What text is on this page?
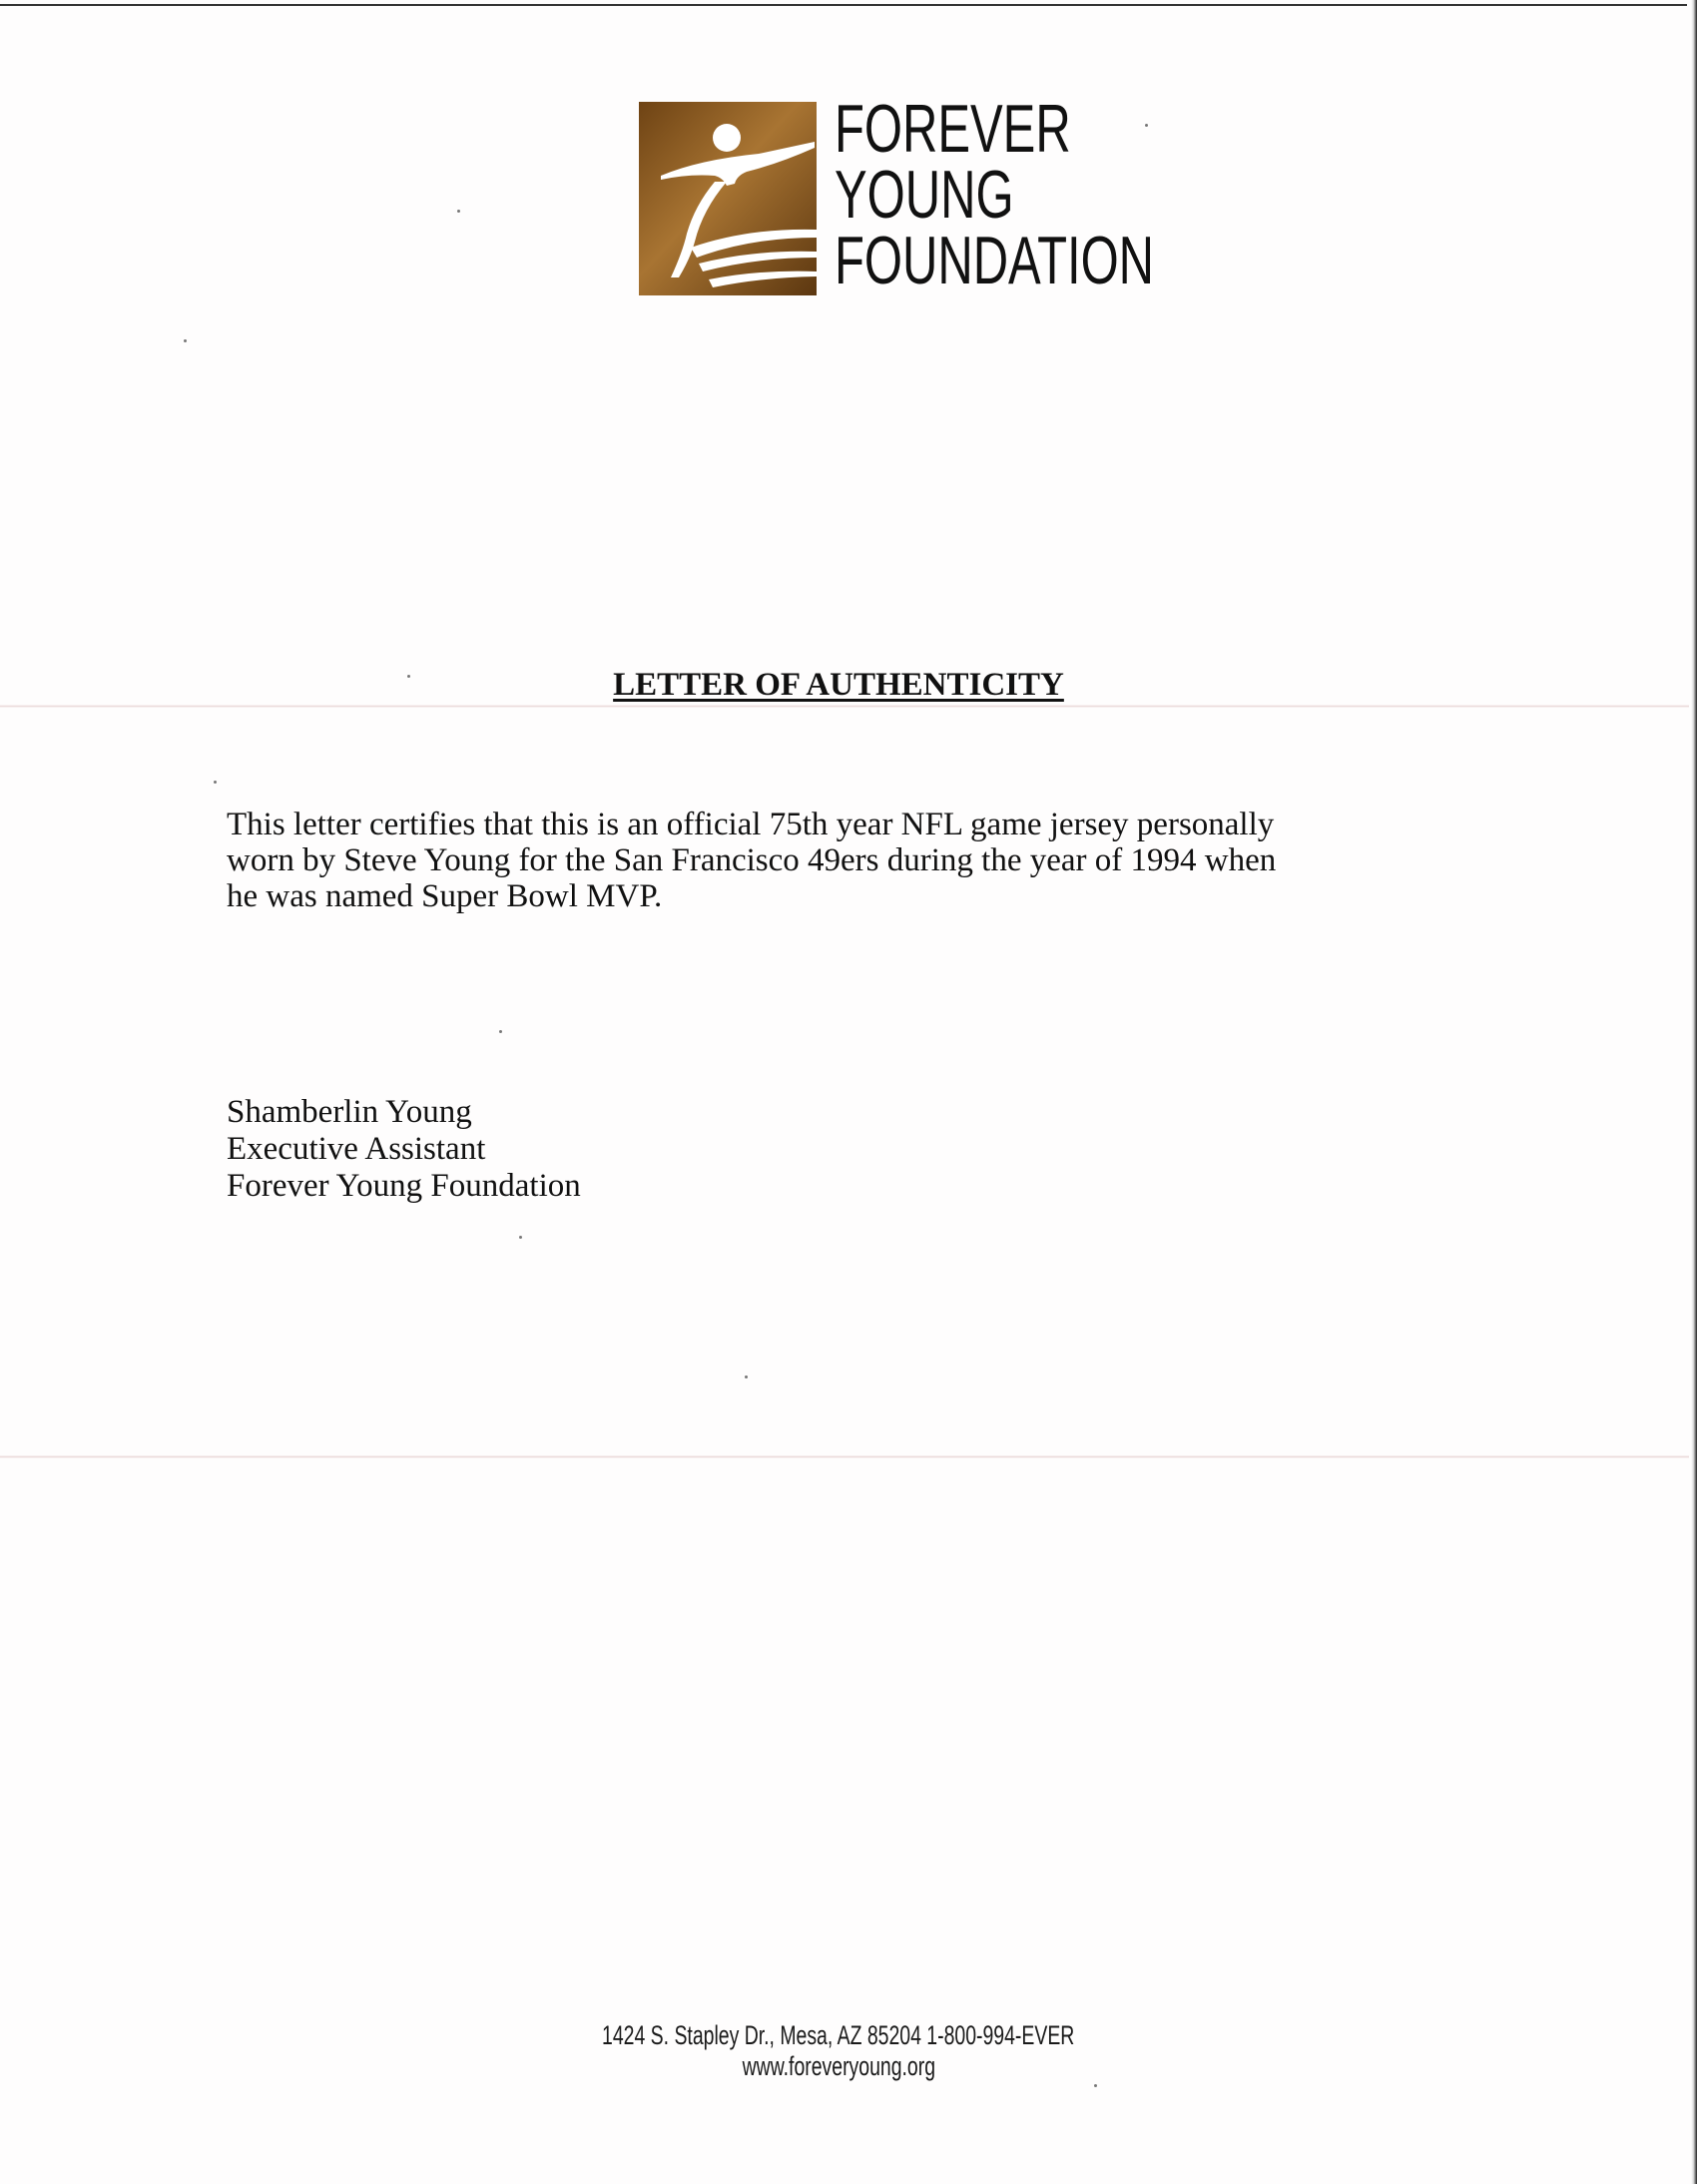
FOREVER
YOUNG
FOUNDATION
LETTER OF AUTHENTICITY
This letter certifies that this is an official 75th year NFL game jersey personally
worn by Steve Young for the San Francisco 49ers during the year of 1994 when
he was named Super Bowl MVP.
Shamberlin Young
Executive Assistant
Forever Young Foundation
1424 S. Stapley Dr., Mesa, AZ 85204 1-800-994-EVER
www.foreveryoung.org
